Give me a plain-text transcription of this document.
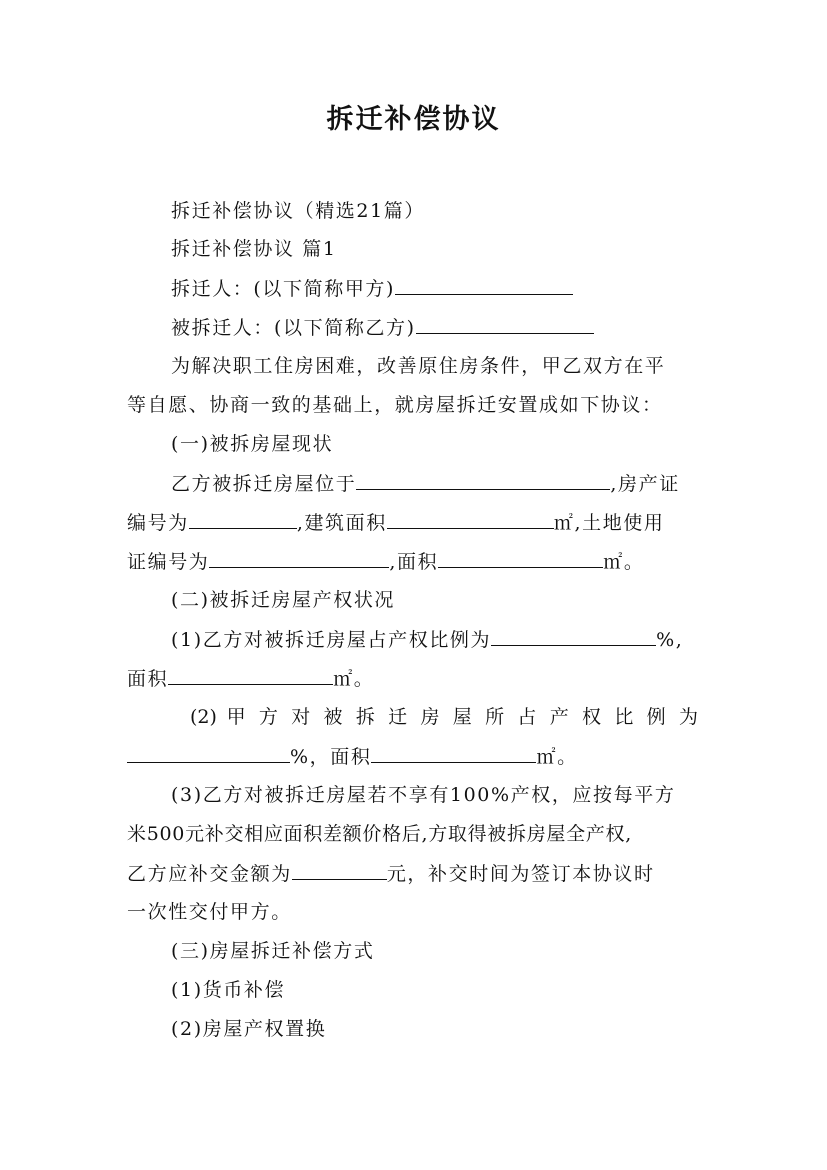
拆迁补偿协议
拆迁补偿协议（精选21篇）
拆迁补偿协议 篇1
拆迁人：(以下简称甲方)
被拆迁人：(以下简称乙方)
为解决职工住房困难，改善原住房条件，甲乙双方在平
等自愿、协商一致的基础上，就房屋拆迁安置成如下协议：
(一)被拆房屋现状
乙方被拆迁房屋位于	,房产证
编号为	,建筑面积	㎡,土地使用
证编号为	,面积	㎡。
(二)被拆迁房屋产权状况
(1)乙方对被拆迁房屋占产权比例为	%,
面积	㎡。
(2) 甲 方 对 被 拆 迁 房 屋 所 占 产 权 比 例 为
%，面积	㎡。
(3)乙方对被拆迁房屋若不享有100%产权，应按每平方
米500元补交相应面积差额价格后,方取得被拆房屋全产权,
乙方应补交金额为	元，补交时间为签订本协议时
一次性交付甲方。
(三)房屋拆迁补偿方式
(1)货币补偿
(2)房屋产权置换
